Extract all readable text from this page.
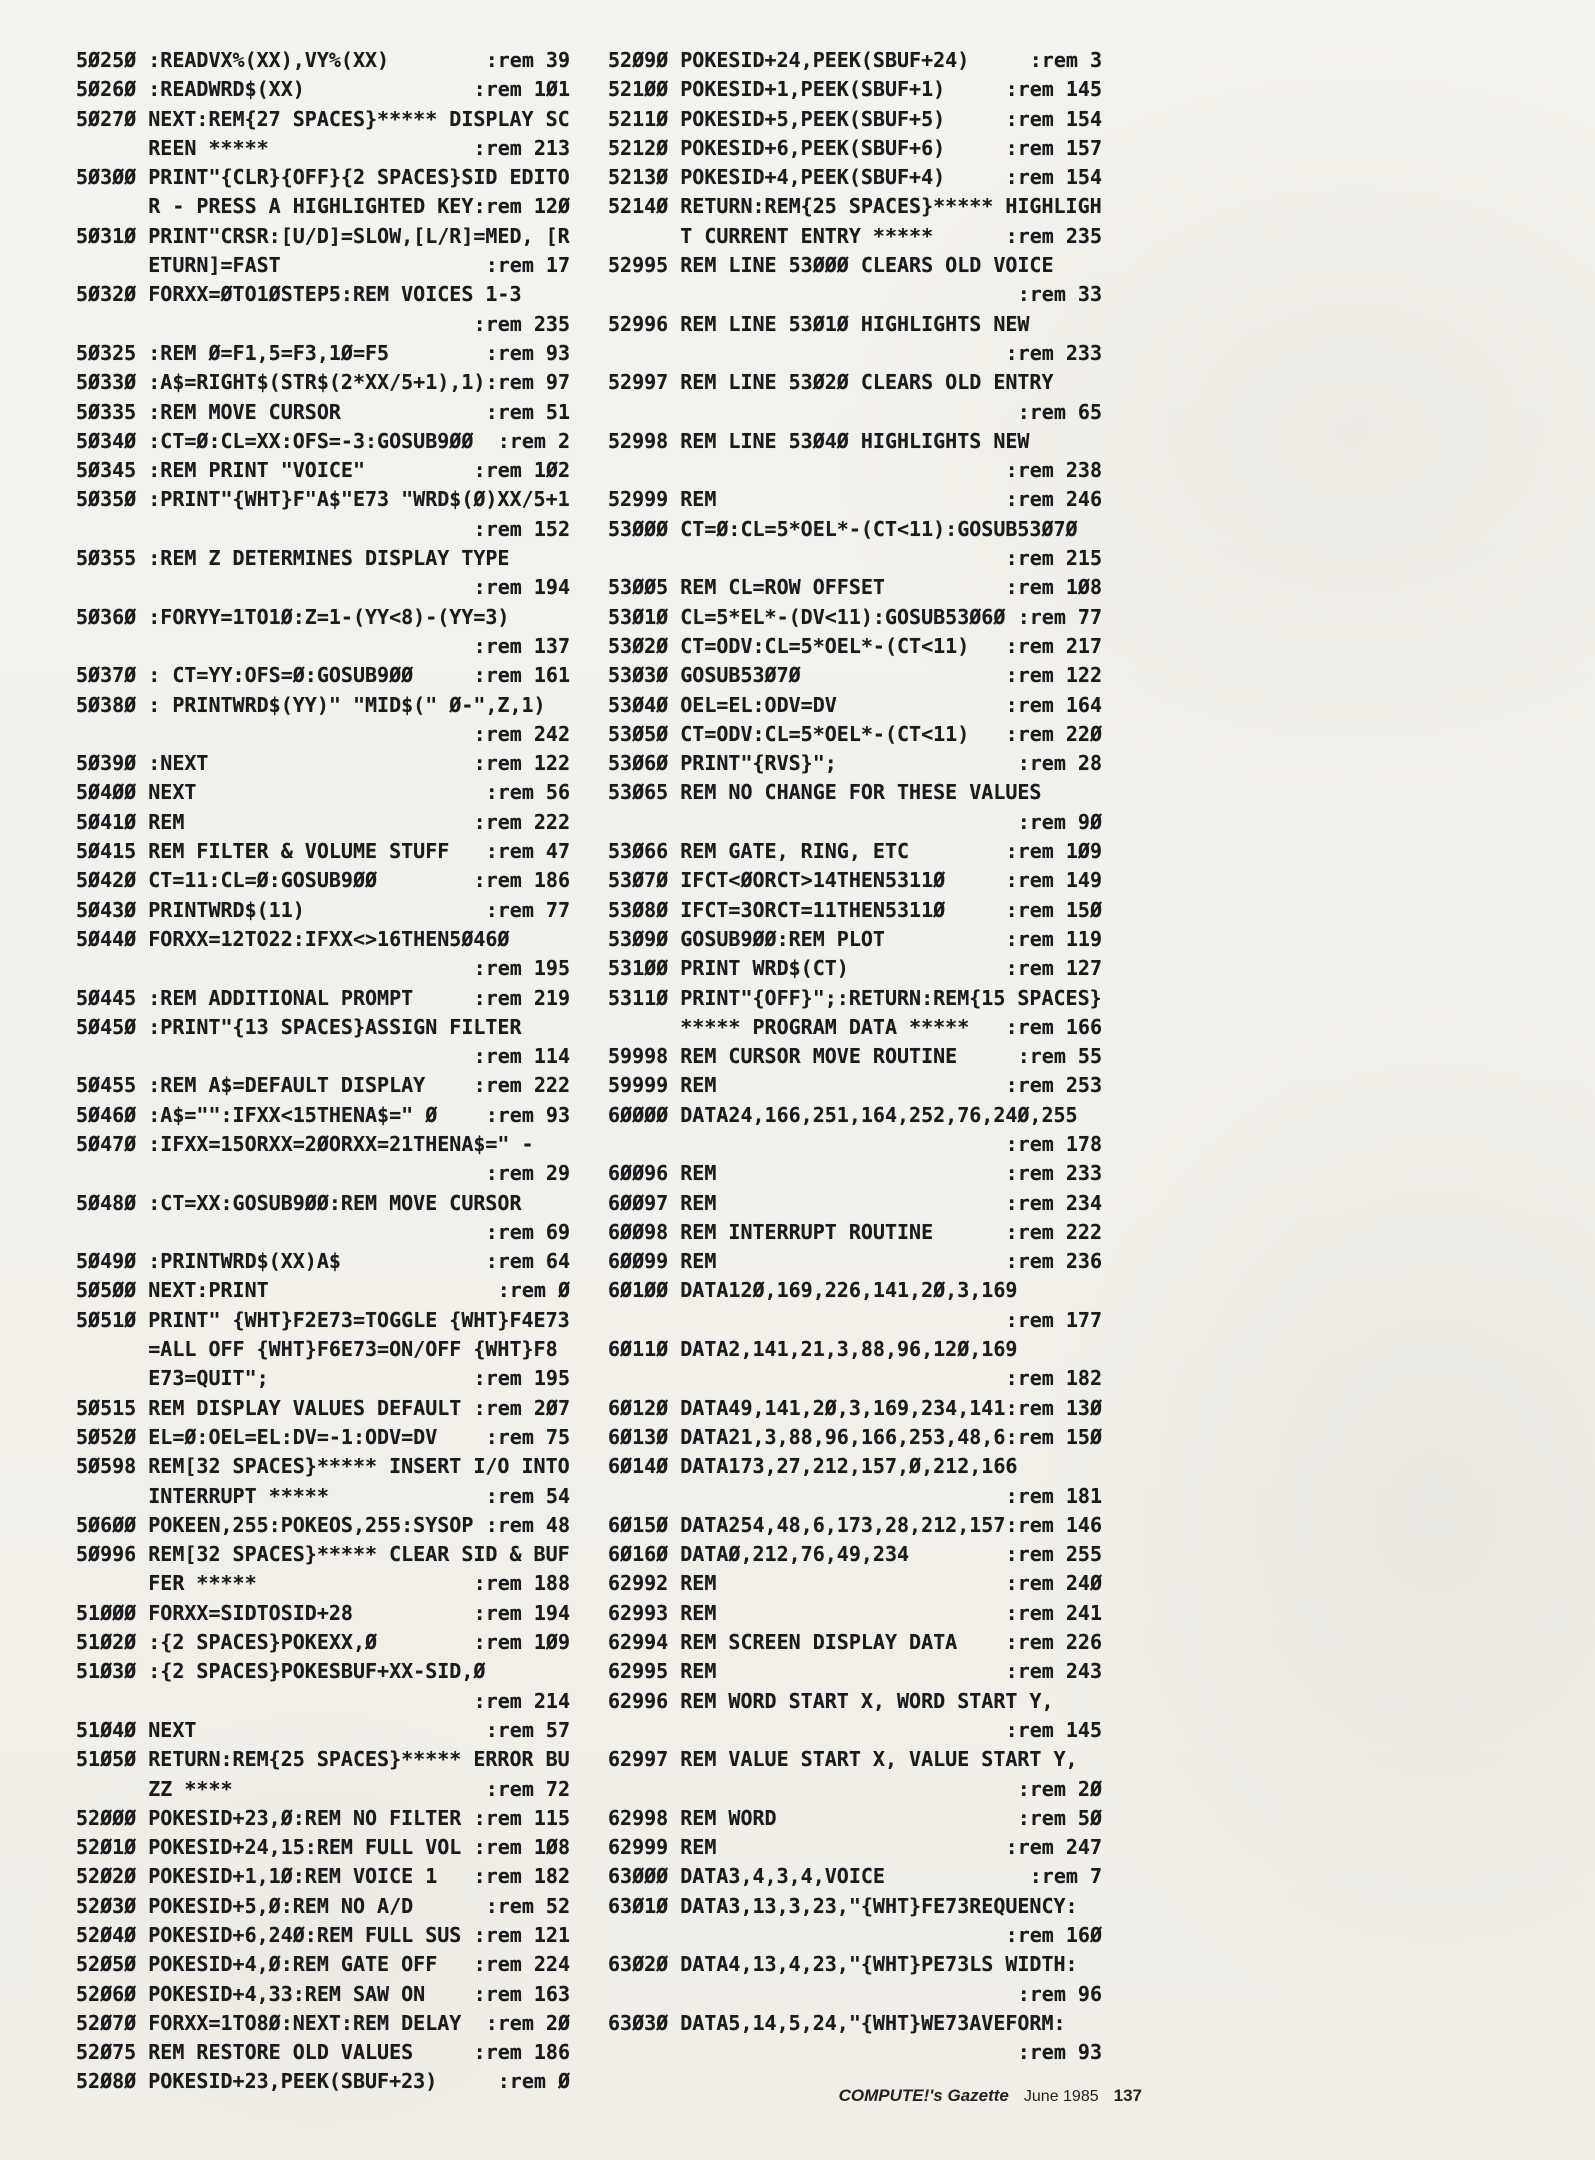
5Ø25Ø :READVX%(XX),VY%(XX)	:rem 39
5Ø26Ø :READWRD$(XX)	:rem 1Ø1
5Ø27Ø NEXT:REM{27 SPACES}***** DISPLAY SC
REEN *****	:rem 213
5Ø3ØØ PRINT"{CLR}{OFF}{2 SPACES}SID EDITO
R - PRESS A HIGHLIGHTED KEY :rem 12Ø
5Ø31Ø PRINT"CRSR:[U/D]=SLOW,[L/R]=MED, [R
ETURN]=FAST	:rem 17
5Ø32Ø FORXX=ØTO1ØSTEP5:REM VOICES 1-3
:rem 235
5Ø325 :REM Ø=F1,5=F3,1Ø=F5	:rem 93
5Ø33Ø :A$=RIGHT$(STR$(2*XX/5+1),1) :rem 97
5Ø335 :REM MOVE CURSOR	:rem 51
5Ø34Ø :CT=Ø:CL=XX:OFS=-3:GOSUB9ØØ :rem 2
5Ø345 :REM PRINT "VOICE"	:rem 1Ø2
5Ø35Ø :PRINT"{WHT}F"A$"E73 "WRD$(Ø)XX/5+1
:rem 152
5Ø355 :REM Z DETERMINES DISPLAY TYPE
:rem 194
5Ø36Ø :FORYY=1TO1Ø:Z=1-(YY<8)-(YY=3)
:rem 137
5Ø37Ø : CT=YY:OFS=Ø:GOSUB9ØØ	:rem 161
5Ø38Ø : PRINTWRD$(YY)" "MID$(" Ø-",Z,1)
:rem 242
5Ø39Ø :NEXT	:rem 122
5Ø4ØØ NEXT	:rem 56
5Ø41Ø REM	:rem 222
5Ø415 REM FILTER & VOLUME STUFF :rem 47
5Ø42Ø CT=11:CL=Ø:GOSUB9ØØ	:rem 186
5Ø43Ø PRINTWRD$(11)	:rem 77
5Ø44Ø FORXX=12TO22:IFXX<>16THEN5Ø46Ø
:rem 195
5Ø445 :REM ADDITIONAL PROMPT	:rem 219
5Ø45Ø :PRINT"{13 SPACES}ASSIGN FILTER
:rem 114
5Ø455 :REM A$=DEFAULT DISPLAY :rem 222
5Ø46Ø :A$="":IFXX<15THENA$=" Ø :rem 93
5Ø47Ø :IFXX=15ORXX=2ØORXX=21THENA$=" -
:rem 29
5Ø48Ø :CT=XX:GOSUB9ØØ:REM MOVE CURSOR
:rem 69
5Ø49Ø :PRINTWRD$(XX)A$	:rem 64
5Ø5ØØ NEXT:PRINT	:rem Ø
5Ø51Ø PRINT" {WHT}F2E73=TOGGLE {WHT}F4E73
=ALL OFF {WHT}F6E73=ON/OFF {WHT}F8
E73=QUIT";	:rem 195
5Ø515 REM DISPLAY VALUES DEFAULT :rem 2Ø7
5Ø52Ø EL=Ø:OEL=EL:DV=-1:ODV=DV :rem 75
5Ø598 REM[32 SPACES}***** INSERT I/O INTO
INTERRUPT *****	:rem 54
5Ø6ØØ POKEEN,255:POKEOS,255:SYSOP :rem 48
5Ø996 REM[32 SPACES}***** CLEAR SID & BUF
FER *****	:rem 188
51ØØØ FORXX=SIDTOSID+28	:rem 194
51Ø2Ø :{2 SPACES}POKEXX,Ø	:rem 1Ø9
51Ø3Ø :{2 SPACES}POKESBUF+XX-SID,Ø
:rem 214
51Ø4Ø NEXT	:rem 57
51Ø5Ø RETURN:REM{25 SPACES}***** ERROR BU
ZZ ****	:rem 72
52ØØØ POKESID+23,Ø:REM NO FILTER :rem 115
52Ø1Ø POKESID+24,15:REM FULL VOL :rem 1Ø8
52Ø2Ø POKESID+1,1Ø:REM VOICE 1 :rem 182
52Ø3Ø POKESID+5,Ø:REM NO A/D	:rem 52
52Ø4Ø POKESID+6,24Ø:REM FULL SUS :rem 121
52Ø5Ø POKESID+4,Ø:REM GATE OFF :rem 224
52Ø6Ø POKESID+4,33:REM SAW ON :rem 163
52Ø7Ø FORXX=1TO8Ø:NEXT:REM DELAY :rem 2Ø
52Ø75 REM RESTORE OLD VALUES	:rem 186
52Ø8Ø POKESID+23,PEEK(SBUF+23)	:rem Ø
52Ø9Ø POKESID+24,PEEK(SBUF+24)	:rem 3
521ØØ POKESID+1,PEEK(SBUF+1)	:rem 145
5211Ø POKESID+5,PEEK(SBUF+5)	:rem 154
5212Ø POKESID+6,PEEK(SBUF+6)	:rem 157
5213Ø POKESID+4,PEEK(SBUF+4)	:rem 154
5214Ø RETURN:REM{25 SPACES}***** HIGHLIGH
T CURRENT ENTRY *****	:rem 235
52995 REM LINE 53ØØØ CLEARS OLD VOICE
:rem 33
52996 REM LINE 53Ø1Ø HIGHLIGHTS NEW
:rem 233
52997 REM LINE 53Ø2Ø CLEARS OLD ENTRY
:rem 65
52998 REM LINE 53Ø4Ø HIGHLIGHTS NEW
:rem 238
52999 REM	:rem 246
53ØØØ CT=Ø:CL=5*OEL*-(CT<11):GOSUB53Ø7Ø
:rem 215
53ØØ5 REM CL=ROW OFFSET	:rem 1Ø8
53Ø1Ø CL=5*EL*-(DV<11):GOSUB53Ø6Ø :rem 77
53Ø2Ø CT=ODV:CL=5*OEL*-(CT<11) :rem 217
53Ø3Ø GOSUB53Ø7Ø	:rem 122
53Ø4Ø OEL=EL:ODV=DV	:rem 164
53Ø5Ø CT=ODV:CL=5*OEL*-(CT<11) :rem 22Ø
53Ø6Ø PRINT"{RVS}";	:rem 28
53Ø65 REM NO CHANGE FOR THESE VALUES
:rem 9Ø
53Ø66 REM GATE, RING, ETC	:rem 1Ø9
53Ø7Ø IFCT<ØORCT>14THEN5311Ø	:rem 149
53Ø8Ø IFCT=3ORCT=11THEN5311Ø	:rem 15Ø
53Ø9Ø GOSUB9ØØ:REM PLOT	:rem 119
531ØØ PRINT WRD$(CT)	:rem 127
5311Ø PRINT"{OFF}";:RETURN:REM{15 SPACES}
***** PROGRAM DATA ***** :rem 166
59998 REM CURSOR MOVE ROUTINE	:rem 55
59999 REM	:rem 253
6ØØØØ DATA24,166,251,164,252,76,24Ø,255
:rem 178
6ØØ96 REM	:rem 233
6ØØ97 REM	:rem 234
6ØØ98 REM INTERRUPT ROUTINE	:rem 222
6ØØ99 REM	:rem 236
6Ø1ØØ DATA12Ø,169,226,141,2Ø,3,169
:rem 177
6Ø11Ø DATA2,141,21,3,88,96,12Ø,169
:rem 182
6Ø12Ø DATA49,141,2Ø,3,169,234,141 :rem 13Ø
6Ø13Ø DATA21,3,88,96,166,253,48,6 :rem 15Ø
6Ø14Ø DATA173,27,212,157,Ø,212,166
:rem 181
6Ø15Ø DATA254,48,6,173,28,212,157 :rem 146
6Ø16Ø DATAØ,212,76,49,234	:rem 255
62992 REM	:rem 24Ø
62993 REM	:rem 241
62994 REM SCREEN DISPLAY DATA :rem 226
62995 REM	:rem 243
62996 REM WORD START X, WORD START Y,
:rem 145
62997 REM VALUE START X, VALUE START Y,
:rem 2Ø
62998 REM WORD	:rem 5Ø
62999 REM	:rem 247
63ØØØ DATA3,4,3,4,VOICE	:rem 7
63Ø1Ø DATA3,13,3,23,"{WHT}FE73REQUENCY:
:rem 16Ø
63Ø2Ø DATA4,13,4,23,"{WHT}PE73LS WIDTH:
:rem 96
63Ø3Ø DATA5,14,5,24,"{WHT}WE73AVEFORM:
:rem 93
COMPUTE!'s Gazette June 1985 137
